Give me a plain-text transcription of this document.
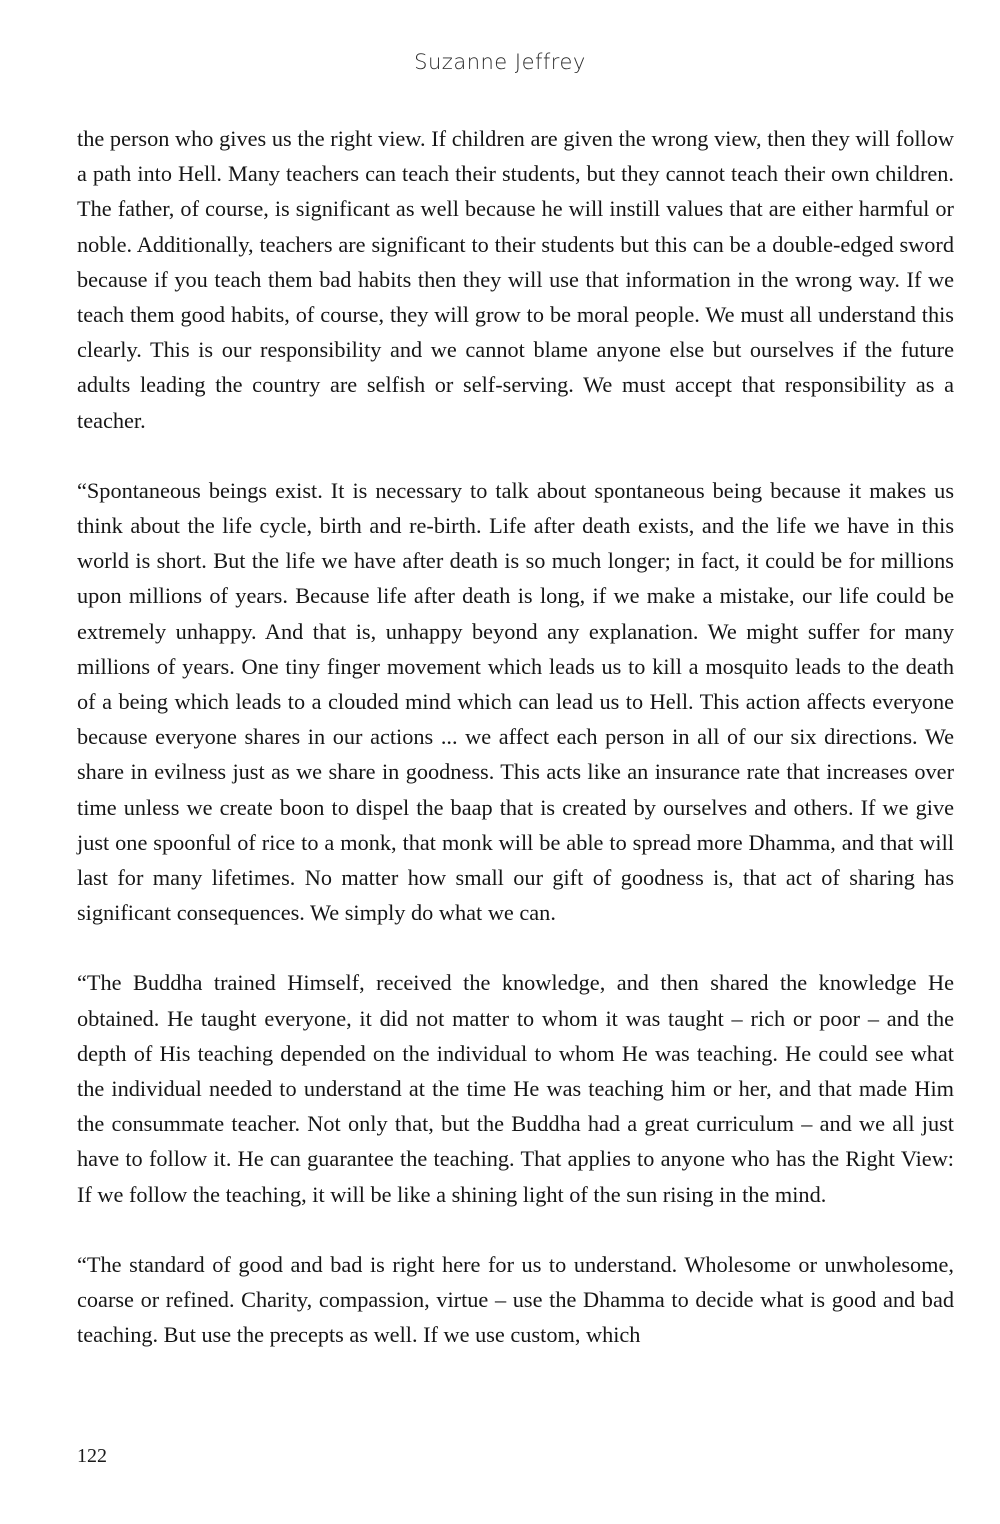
Suzanne Jeffrey

the person who gives us the right view. If children are given the wrong view, then they will follow a path into Hell. Many teachers can teach their students, but they cannot teach their own children. The father, of course, is significant as well because he will instill values that are either harmful or noble. Additionally, teachers are significant to their students but this can be a double-edged sword because if you teach them bad habits then they will use that information in the wrong way. If we teach them good habits, of course, they will grow to be moral people. We must all understand this clearly. This is our responsibility and we cannot blame anyone else but ourselves if the future adults leading the country are selfish or self-serving. We must accept that responsibility as a teacher.

“Spontaneous beings exist. It is necessary to talk about spontaneous being because it makes us think about the life cycle, birth and re-birth. Life after death exists, and the life we have in this world is short. But the life we have after death is so much longer; in fact, it could be for millions upon millions of years. Because life after death is long, if we make a mistake, our life could be extremely unhappy. And that is, unhappy beyond any explanation. We might suffer for many millions of years. One tiny finger movement which leads us to kill a mosquito leads to the death of a being which leads to a clouded mind which can lead us to Hell. This action affects everyone because everyone shares in our actions ... we affect each person in all of our six directions. We share in evilness just as we share in goodness. This acts like an insurance rate that increases over time unless we create boon to dispel the baap that is created by ourselves and others. If we give just one spoonful of rice to a monk, that monk will be able to spread more Dhamma, and that will last for many lifetimes. No matter how small our gift of goodness is, that act of sharing has significant consequences. We simply do what we can.

“The Buddha trained Himself, received the knowledge, and then shared the knowledge He obtained. He taught everyone, it did not matter to whom it was taught – rich or poor – and the depth of His teaching depended on the individual to whom He was teaching. He could see what the individual needed to understand at the time He was teaching him or her, and that made Him the consummate teacher. Not only that, but the Buddha had a great curriculum – and we all just have to follow it. He can guarantee the teaching. That applies to anyone who has the Right View: If we follow the teaching, it will be like a shining light of the sun rising in the mind.

“The standard of good and bad is right here for us to understand. Wholesome or unwholesome, coarse or refined. Charity, compassion, virtue – use the Dhamma to decide what is good and bad teaching. But use the precepts as well. If we use custom, which

122
